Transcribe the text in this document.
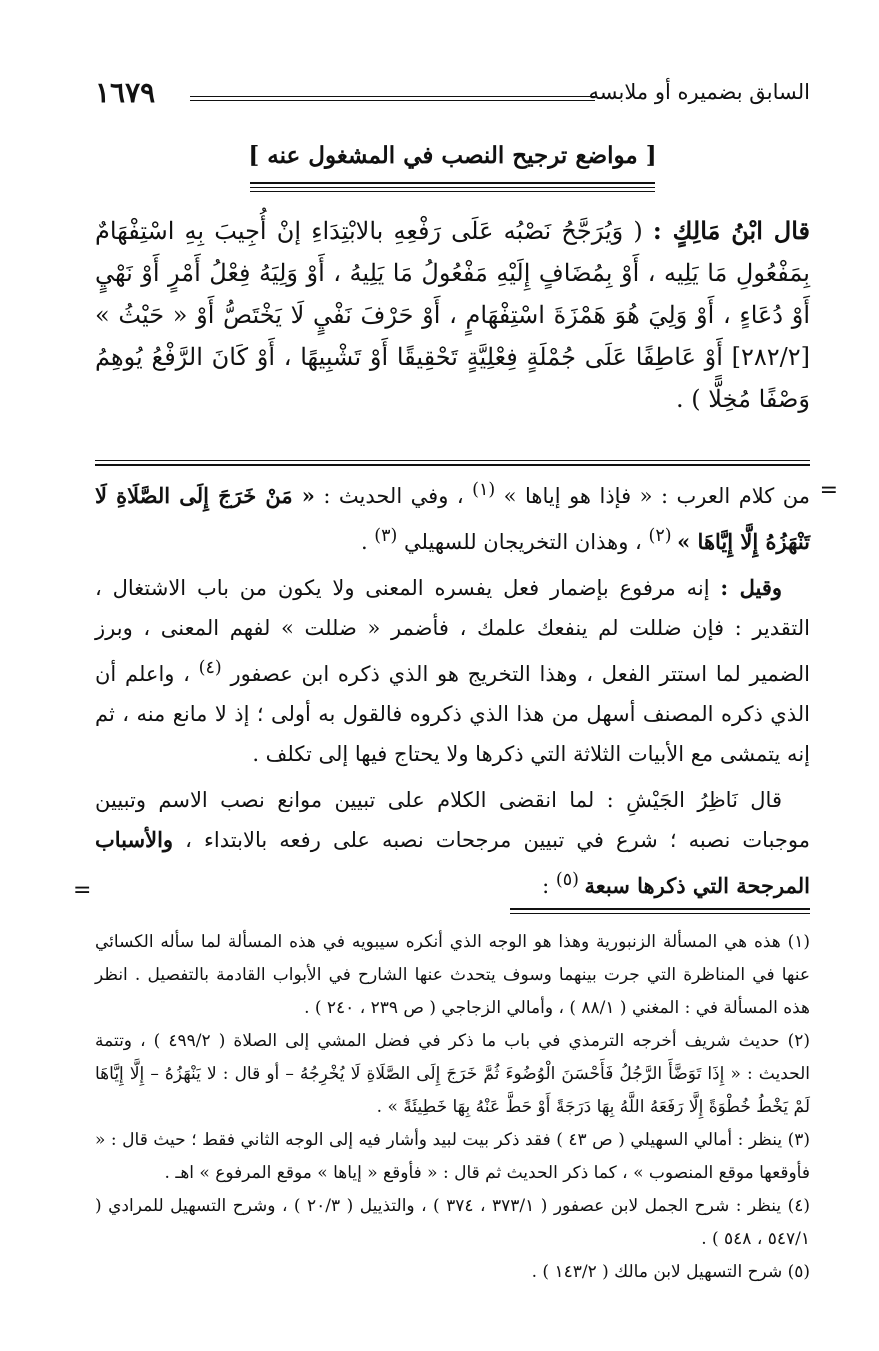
السابق بضميره أو ملابسه
١٦٧٩
[ مواضع ترجيح النصب في المشغول عنه ]
قال ابْنُ مَالِكٍ : ( وَيُرَجَّحُ نَصْبُه عَلَى رَفْعِهِ بالابْتِدَاءِ إنْ أُجِيبَ بِهِ اسْتِفْهَامٌ بِمَفْعُولِ مَا يَلِيه ، أَوْ بِمُضَافٍ إِلَيْهِ مَفْعُولُ مَا يَلِيهُ ، أَوْ وَلِيَهُ فِعْلُ أَمْرٍ أَوْ نَهْيٍ أَوْ دُعَاءٍ ، أَوْ وَلِيَ هُوَ هَمْزَةَ اسْتِفْهَامٍ ، أَوْ حَرْفَ نَفْيٍ لَا يَخْتَصُّ أَوْ « حَيْثُ » [٢٨٢/٢] أَوْ عَاطِفًا عَلَى جُمْلَةٍ فِعْلِيَّةٍ تَحْقِيقًا أَوْ تَشْبِيهًا ، أَوْ كَانَ الرَّفْعُ يُوهِمُ وَصْفًا مُخِلًّا ) .
=

من كلام العرب : « فإذا هو إياها » $^{(١)}$ ، وفي الحديث : « مَنْ خَرَجَ إِلَى الصَّلَاةِ لَا تَنْهَزُهُ إِلَّا إِيَّاهَا » $^{(٢)}$ ، وهذان التخريجان للسهيلي $^{(٣)}$ .

وقيل : إنه مرفوع بإضمار فعل يفسره المعنى ولا يكون من باب الاشتغال ، التقدير : فإن ضللت لم ينفعك علمك ، فأضمر « ضللت » لفهم المعنى ، وبرز الضمير لما استتر الفعل ، وهذا التخريج هو الذي ذكره ابن عصفور $^{(٤)}$ ، واعلم أن الذي ذكره المصنف أسهل من هذا الذي ذكروه فالقول به أولى ؛ إذ لا مانع منه ، ثم إنه يتمشى مع الأبيات الثلاثة التي ذكرها ولا يحتاج فيها إلى تكلف .

قال نَاظِرُ الجَيْشِ : لما انقضى الكلام على تبيين موانع نصب الاسم وتبيين موجبات نصبه ؛ شرع في تبيين مرجحات نصبه على رفعه بالابتداء ، والأسباب المرجحة التي ذكرها سبعة $^{(٥)}$ :

=

(١) هذه هي المسألة الزنبورية وهذا هو الوجه الذي أنكره سيبويه في هذه المسألة لما سأله الكسائي عنها في المناظرة التي جرت بينهما وسوف يتحدث عنها الشارح في الأبواب القادمة بالتفصيل . انظر هذه المسألة في : المغني ( ٨٨/١ ) ، وأمالي الزجاجي ( ص ٢٣٩ ، ٢٤٠ ) .

(٢) حديث شريف أخرجه الترمذي في باب ما ذكر في فضل المشي إلى الصلاة ( ٤٩٩/٢ ) ، وتتمة الحديث : « إِذَا تَوَضَّأَ الرَّجُلُ فَأَحْسَنَ الْوُضُوءَ ثُمَّ خَرَجَ إِلَى الصَّلَاةِ لَا يُخْرِجُهُ – أو قال : لا يَنْهَزُهُ – إِلَّا إِيَّاهَا لَمْ يَخْطُ خُطْوَةً إِلَّا رَفَعَهُ اللَّهُ بِهَا دَرَجَةً أَوْ حَطَّ عَنْهُ بِهَا خَطِيئَةً » .

(٣) ينظر : أمالي السهيلي ( ص ٤٣ ) فقد ذكر بيت لبيد وأشار فيه إلى الوجه الثاني فقط ؛ حيث قال : « فأوقعها موقع المنصوب » ، كما ذكر الحديث ثم قال : « فأوقع « إياها » موقع المرفوع » اهـ .

(٤) ينظر : شرح الجمل لابن عصفور ( ٣٧٣/١ ، ٣٧٤ ) ، والتذييل ( ٢٠/٣ ) ، وشرح التسهيل للمرادي ( ٥٤٧/١ ، ٥٤٨ ) .

(٥) شرح التسهيل لابن مالك ( ١٤٣/٢ ) .
